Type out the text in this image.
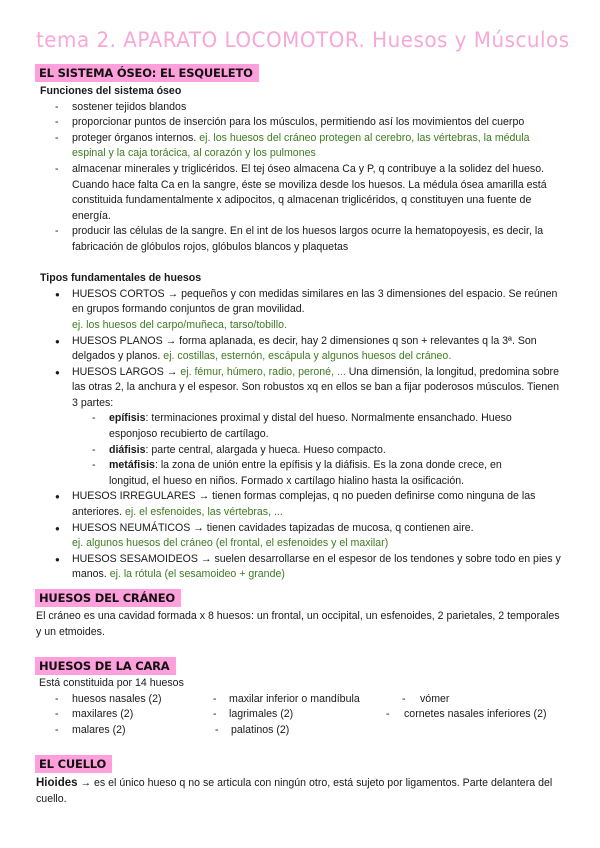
tema 2. APARATO LOCOMOTOR. Huesos y Músculos
EL SISTEMA ÓSEO: EL ESQUELETO
Funciones del sistema óseo
- sostener tejidos blandos
- proporcionar puntos de inserción para los músculos, permitiendo así los movimientos del cuerpo
- proteger órganos internos. ej. los huesos del cráneo protegen al cerebro, las vértebras, la médula espinal y la caja torácica, al corazón y los pulmones
- almacenar minerales y triglicéridos. El tej óseo almacena Ca y P, q contribuye a la solidez del hueso. Cuando hace falta Ca en la sangre, éste se moviliza desde los huesos. La médula ósea amarilla está constituida fundamentalmente x adipocitos, q almacenan triglicéridos, q constituyen una fuente de energía.
- producir las células de la sangre. En el int de los huesos largos ocurre la hematopoyesis, es decir, la fabricación de glóbulos rojos, glóbulos blancos y plaquetas
Tipos fundamentales de huesos
● HUESOS CORTOS → pequeños y con medidas similares en las 3 dimensiones del espacio. Se reúnen en grupos formando conjuntos de gran movilidad.
ej. los huesos del carpo/muñeca, tarso/tobillo.
● HUESOS PLANOS → forma aplanada, es decir, hay 2 dimensiones q son + relevantes q la 3ª. Son delgados y planos. ej. costillas, esternón, escápula y algunos huesos del cráneo.
● HUESOS LARGOS → ej. fémur, húmero, radio, peroné, ... Una dimensión, la longitud, predomina sobre las otras 2, la anchura y el espesor. Son robustos xq en ellos se ban a fijar poderosos músculos. Tienen 3 partes:
- epífisis: terminaciones proximal y distal del hueso. Normalmente ensanchado. Hueso esponjoso recubierto de cartílago.
- diáfisis: parte central, alargada y hueca. Hueso compacto.
- metáfisis: la zona de unión entre la epífisis y la diáfisis. Es la zona donde crece, en longitud, el hueso en niños. Formado x cartílago hialino hasta la osificación.
● HUESOS IRREGULARES → tienen formas complejas, q no pueden definirse como ninguna de las anteriores. ej. el esfenoides, las vértebras, ...
● HUESOS NEUMÁTICOS → tienen cavidades tapizadas de mucosa, q contienen aire.
ej. algunos huesos del cráneo (el frontal, el esfenoides y el maxilar)
● HUESOS SESAMOIDEOS → suelen desarrollarse en el espesor de los tendones y sobre todo en pies y manos. ej. la rótula (el sesamoideo + grande)
HUESOS DEL CRÁNEO
El cráneo es una cavidad formada x 8 huesos: un frontal, un occipital, un esfenoides, 2 parietales, 2 temporales y un etmoides.
HUESOS DE LA CARA
Está constituida por 14 huesos
- huesos nasales (2)
- maxilares (2)
- malares (2)
- maxilar inferior o mandíbula
- lagrimales (2)
- palatinos (2)
- vómer
- cornetes nasales inferiores (2)
EL CUELLO
Hioides → es el único hueso q no se articula con ningún otro, está sujeto por ligamentos. Parte delantera del cuello.
